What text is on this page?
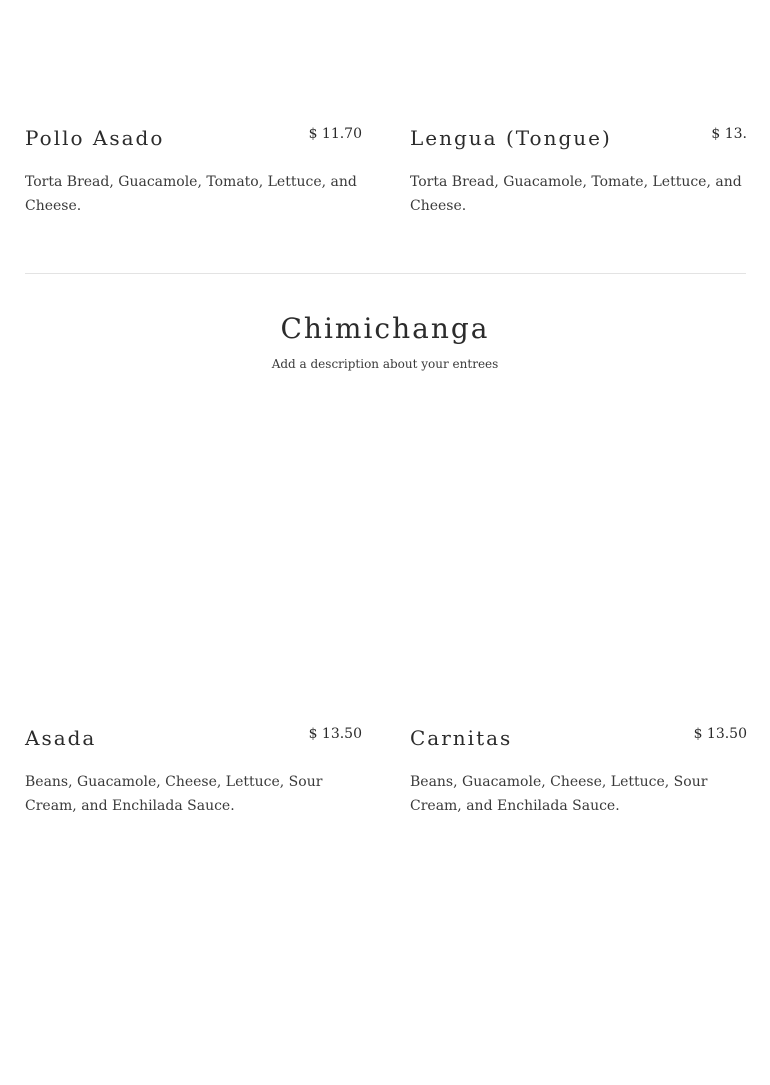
Pollo Asado	$ 11.70
Torta Bread, Guacamole, Tomato, Lettuce, and Cheese.
Lengua (Tongue)	$ 13.
Torta Bread, Guacamole, Tomate, Lettuce, and Cheese.
Chimichanga
Add a description about your entrees
Asada	$ 13.50
Beans, Guacamole, Cheese, Lettuce, Sour Cream, and Enchilada Sauce.
Carnitas	$ 13.50
Beans, Guacamole, Cheese, Lettuce, Sour Cream, and Enchilada Sauce.
